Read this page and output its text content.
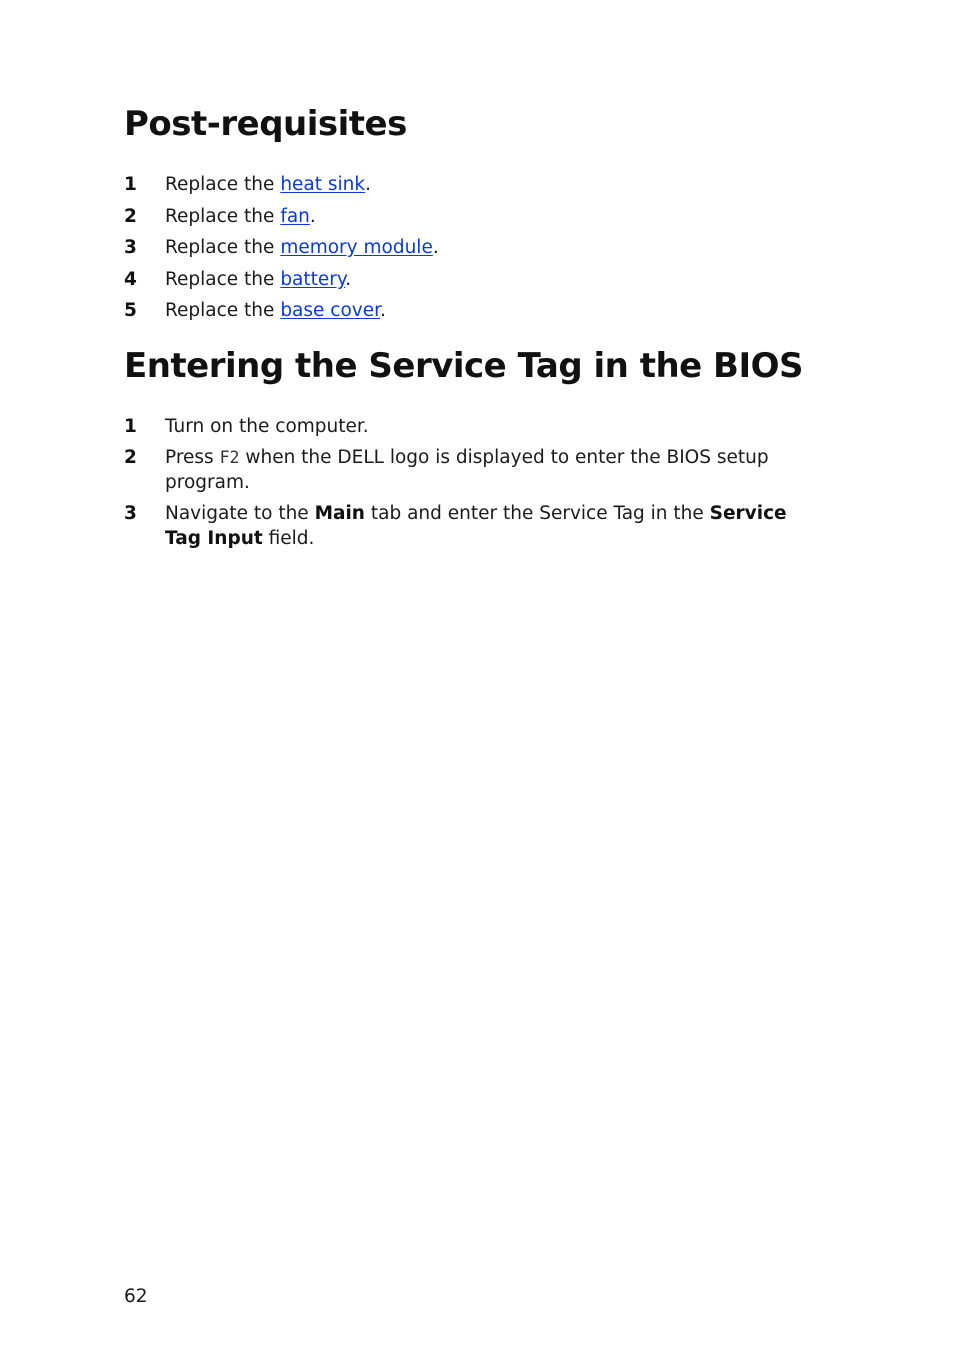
Post-requisites
1 Replace the heat sink.
2 Replace the fan.
3 Replace the memory module.
4 Replace the battery.
5 Replace the base cover.
Entering the Service Tag in the BIOS
1 Turn on the computer.
2 Press F2 when the DELL logo is displayed to enter the BIOS setup program.
3 Navigate to the Main tab and enter the Service Tag in the Service Tag Input field.
62
